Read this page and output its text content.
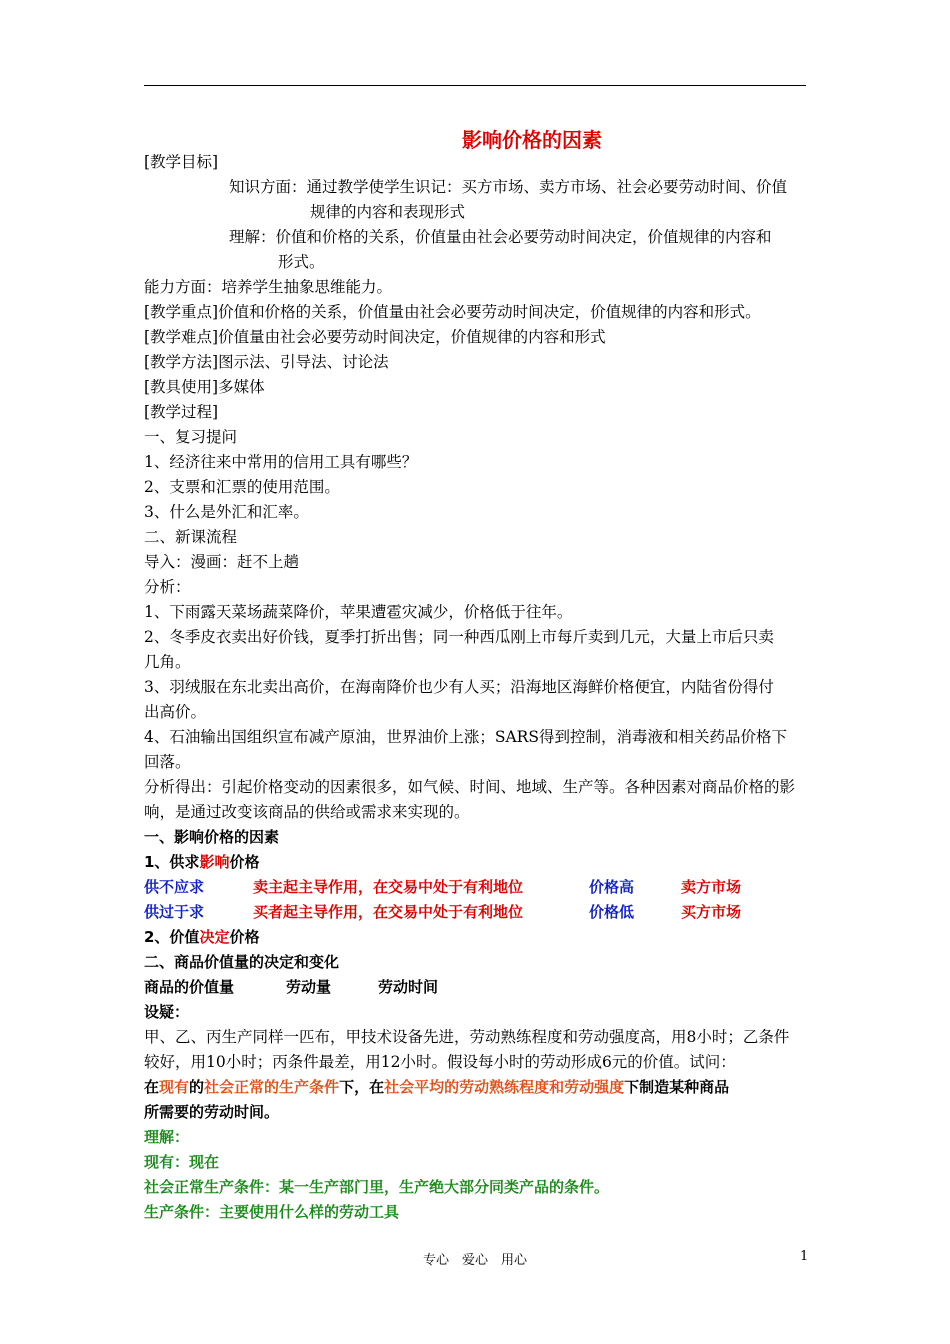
影响价格的因素
[教学目标]
知识方面：通过教学使学生识记：买方市场、卖方市场、社会必要劳动时间、价值
规律的内容和表现形式
理解：价值和价格的关系，价值量由社会必要劳动时间决定，价值规律的内容和
形式。
能力方面：培养学生抽象思维能力。
[教学重点]价值和价格的关系，价值量由社会必要劳动时间决定，价值规律的内容和形式。
[教学难点]价值量由社会必要劳动时间决定，价值规律的内容和形式
[教学方法]图示法、引导法、讨论法
[教具使用]多媒体
[教学过程]
一、复习提问
1、经济往来中常用的信用工具有哪些？
2、支票和汇票的使用范围。
3、什么是外汇和汇率。
二、新课流程
导入：漫画：赶不上趟
分析：
1、下雨露天菜场蔬菜降价，苹果遭雹灾减少，价格低于往年。
2、冬季皮衣卖出好价钱，夏季打折出售；同一种西瓜刚上市每斤卖到几元，大量上市后只卖
几角。
3、羽绒服在东北卖出高价，在海南降价也少有人买；沿海地区海鲜价格便宜，内陆省份得付
出高价。
4、石油输出国组织宣布减产原油，世界油价上涨；SARS得到控制，消毒液和相关药品价格下
回落。
分析得出：引起价格变动的因素很多，如气候、时间、地域、生产等。各种因素对商品价格的影
响，是通过改变该商品的供给或需求来实现的。
一、影响价格的因素
1、供求影响价格
供不应求	卖主起主导作用，在交易中处于有利地位	价格高	卖方市场
供过于求	买者起主导作用，在交易中处于有利地位	价格低	买方市场
2、价值决定价格
二、商品价值量的决定和变化
商品的价值量	劳动量	劳动时间
设疑：
甲、乙、丙生产同样一匹布，甲技术设备先进，劳动熟练程度和劳动强度高，用8小时；乙条件
较好，用10小时；丙条件最差，用12小时。假设每小时的劳动形成6元的价值。试问：
在现有的社会正常的生产条件下，在社会平均的劳动熟练程度和劳动强度下制造某种商品
所需要的劳动时间。
理解：
现有：现在
社会正常生产条件：某一生产部门里，生产绝大部分同类产品的条件。
生产条件：主要使用什么样的劳动工具
专心　爱心　用心	1
